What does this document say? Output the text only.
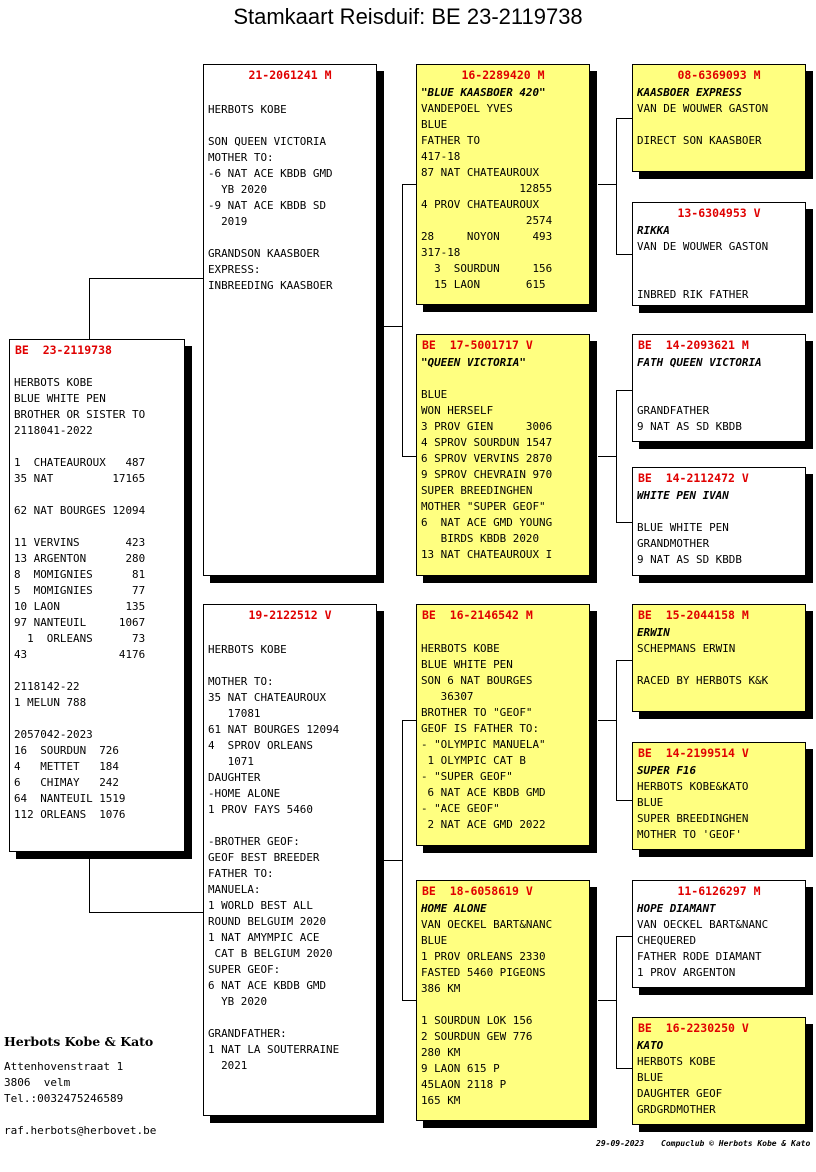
Stamkaart Reisduif: BE 23-2119738
BE  23-2119738

HERBOTS KOBE
BLUE WHITE PEN
BROTHER OR SISTER TO
2118041-2022

1  CHATEAUROUX   487
35 NAT         17165

62 NAT BOURGES 12094

11 VERVINS       423
13 ARGENTON      280
8  MOMIGNIES      81
5  MOMIGNIES      77
10 LAON          135
97 NANTEUIL     1067
1  ORLEANS      73
43              4176

2118142-22
1 MELUN 788

2057042-2023
16  SOURDUN  726
4   METTET   184
6   CHIMAY   242
64  NANTEUIL 1519
112 ORLEANS  1076
21-2061241 M

HERBOTS KOBE

SON QUEEN VICTORIA
MOTHER TO:
-6 NAT ACE KBDB GMD
YB 2020
-9 NAT ACE KBDB SD
2019

GRANDSON KAASBOER
EXPRESS:
INBREEDING KAASBOER
19-2122512 V

HERBOTS KOBE

MOTHER TO:
35 NAT CHATEAUROUX
17081
61 NAT BOURGES 12094
4  SPROV ORLEANS
1071
DAUGHTER
-HOME ALONE
1 PROV FAYS 5460

-BROTHER GEOF:
GEOF BEST BREEDER
FATHER TO:
MANUELA:
1 WORLD BEST ALL
ROUND BELGUIM 2020
1 NAT AMYMPIC ACE
CAT B BELGIUM 2020
SUPER GEOF:
6 NAT ACE KBDB GMD
YB 2020

GRANDFATHER:
1 NAT LA SOUTERRAINE
2021
16-2289420 M
"BLUE KAASBOER 420"
VANDEPOEL YVES
BLUE
FATHER TO
417-18
87 NAT CHATEAUROUX
12855
4 PROV CHATEAUROUX
2574
28     NOYON     493
317-18
3  SOURDUN     156
15 LAON       615
BE  17-5001717 V
"QUEEN VICTORIA"

BLUE
WON HERSELF
3 PROV GIEN     3006
4 SPROV SOURDUN 1547
6 SPROV VERVINS 2870
9 SPROV CHEVRAIN 970
SUPER BREEDINGHEN
MOTHER "SUPER GEOF"
6  NAT ACE GMD YOUNG
BIRDS KBDB 2020
13 NAT CHATEAUROUX I
BE  16-2146542 M

HERBOTS KOBE
BLUE WHITE PEN
SON 6 NAT BOURGES
36307
BROTHER TO "GEOF"
GEOF IS FATHER TO:
- "OLYMPIC MANUELA"
1 OLYMPIC CAT B
- "SUPER GEOF"
6 NAT ACE KBDB GMD
- "ACE GEOF"
2 NAT ACE GMD 2022
BE  18-6058619 V
HOME ALONE
VAN OECKEL BART&NANC
BLUE
1 PROV ORLEANS 2330
FASTED 5460 PIGEONS
386 KM

1 SOURDUN LOK 156
2 SOURDUN GEW 776
280 KM
9 LAON 615 P
45LAON 2118 P
165 KM
08-6369093 M
KAASBOER EXPRESS
VAN DE WOUWER GASTON

DIRECT SON KAASBOER
13-6304953 V
RIKKA
VAN DE WOUWER GASTON

INBRED RIK FATHER
BE  14-2093621 M
FATH QUEEN VICTORIA

GRANDFATHER
9 NAT AS SD KBDB
BE  14-2112472 V
WHITE PEN IVAN

BLUE WHITE PEN
GRANDMOTHER
9 NAT AS SD KBDB
BE  15-2044158 M
ERWIN
SCHEPMANS ERWIN

RACED BY HERBOTS K&K
BE  14-2199514 V
SUPER F16
HERBOTS KOBE&KATO
BLUE
SUPER BREEDINGHEN
MOTHER TO 'GEOF'
11-6126297 M
HOPE DIAMANT
VAN OECKEL BART&NANC
CHEQUERED
FATHER RODE DIAMANT
1 PROV ARGENTON
BE  16-2230250 V
KATO
HERBOTS KOBE
BLUE
DAUGHTER GEOF
GRDGRDMOTHER
Herbots Kobe & Kato
Attenhovenstraat 1
3806  velm
Tel.:0032475246589
raf.herbots@herbovet.be
29-09-2023 Compuclub © Herbots Kobe & Kato
